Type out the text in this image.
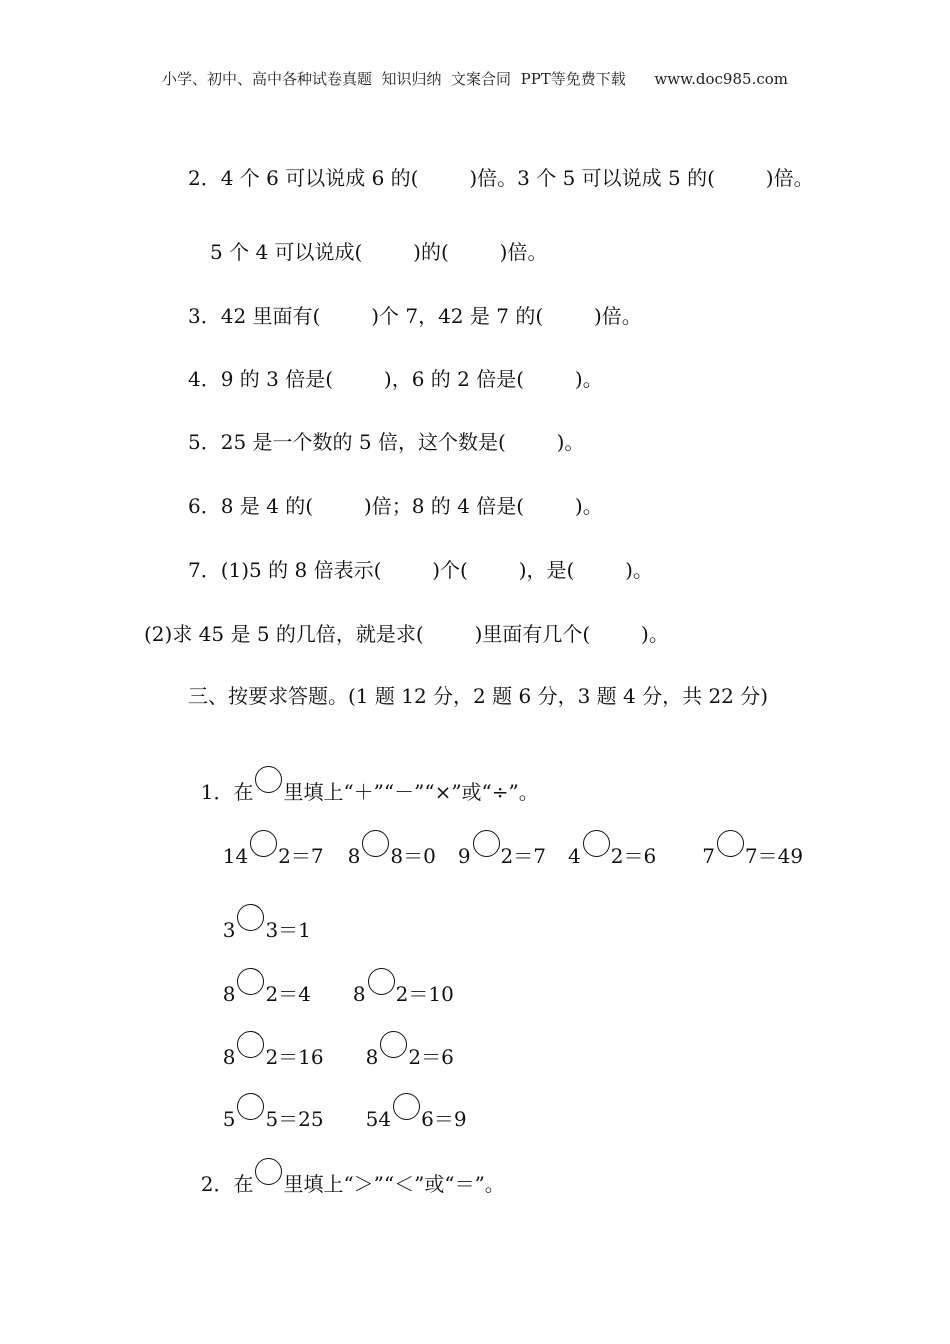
小学、初中、高中各种试卷真题  知识归纳  文案合同  PPT等免费下载      www.doc985.com
2．4 个 6 可以说成 6 的(        )倍。3 个 5 可以说成 5 的(        )倍。
5 个 4 可以说成(        )的(        )倍。
3．42 里面有(        )个 7，42 是 7 的(        )倍。
4．9 的 3 倍是(        )，6 的 2 倍是(        )。
5．25 是一个数的 5 倍，这个数是(        )。
6．8 是 4 的(        )倍；8 的 4 倍是(        )。
7．(1)5 的 8 倍表示(        )个(        )，是(        )。
(2)求 45 是 5 的几倍，就是求(        )里面有几个(        )。
三、按要求答题。(1 题 12 分，2 题 6 分，3 题 4 分，共 22 分)

1．在 里填上“＋”“－”“×”或“÷”。

14 2＝7 8 8＝0 9 2＝7 4 2＝6 7 7＝49

3 3＝1

8 2＝4 8 2＝10

8 2＝16 8 2＝6

5 5＝25 54 6＝9

2．在 里填上“＞”“＜”或“＝”。
